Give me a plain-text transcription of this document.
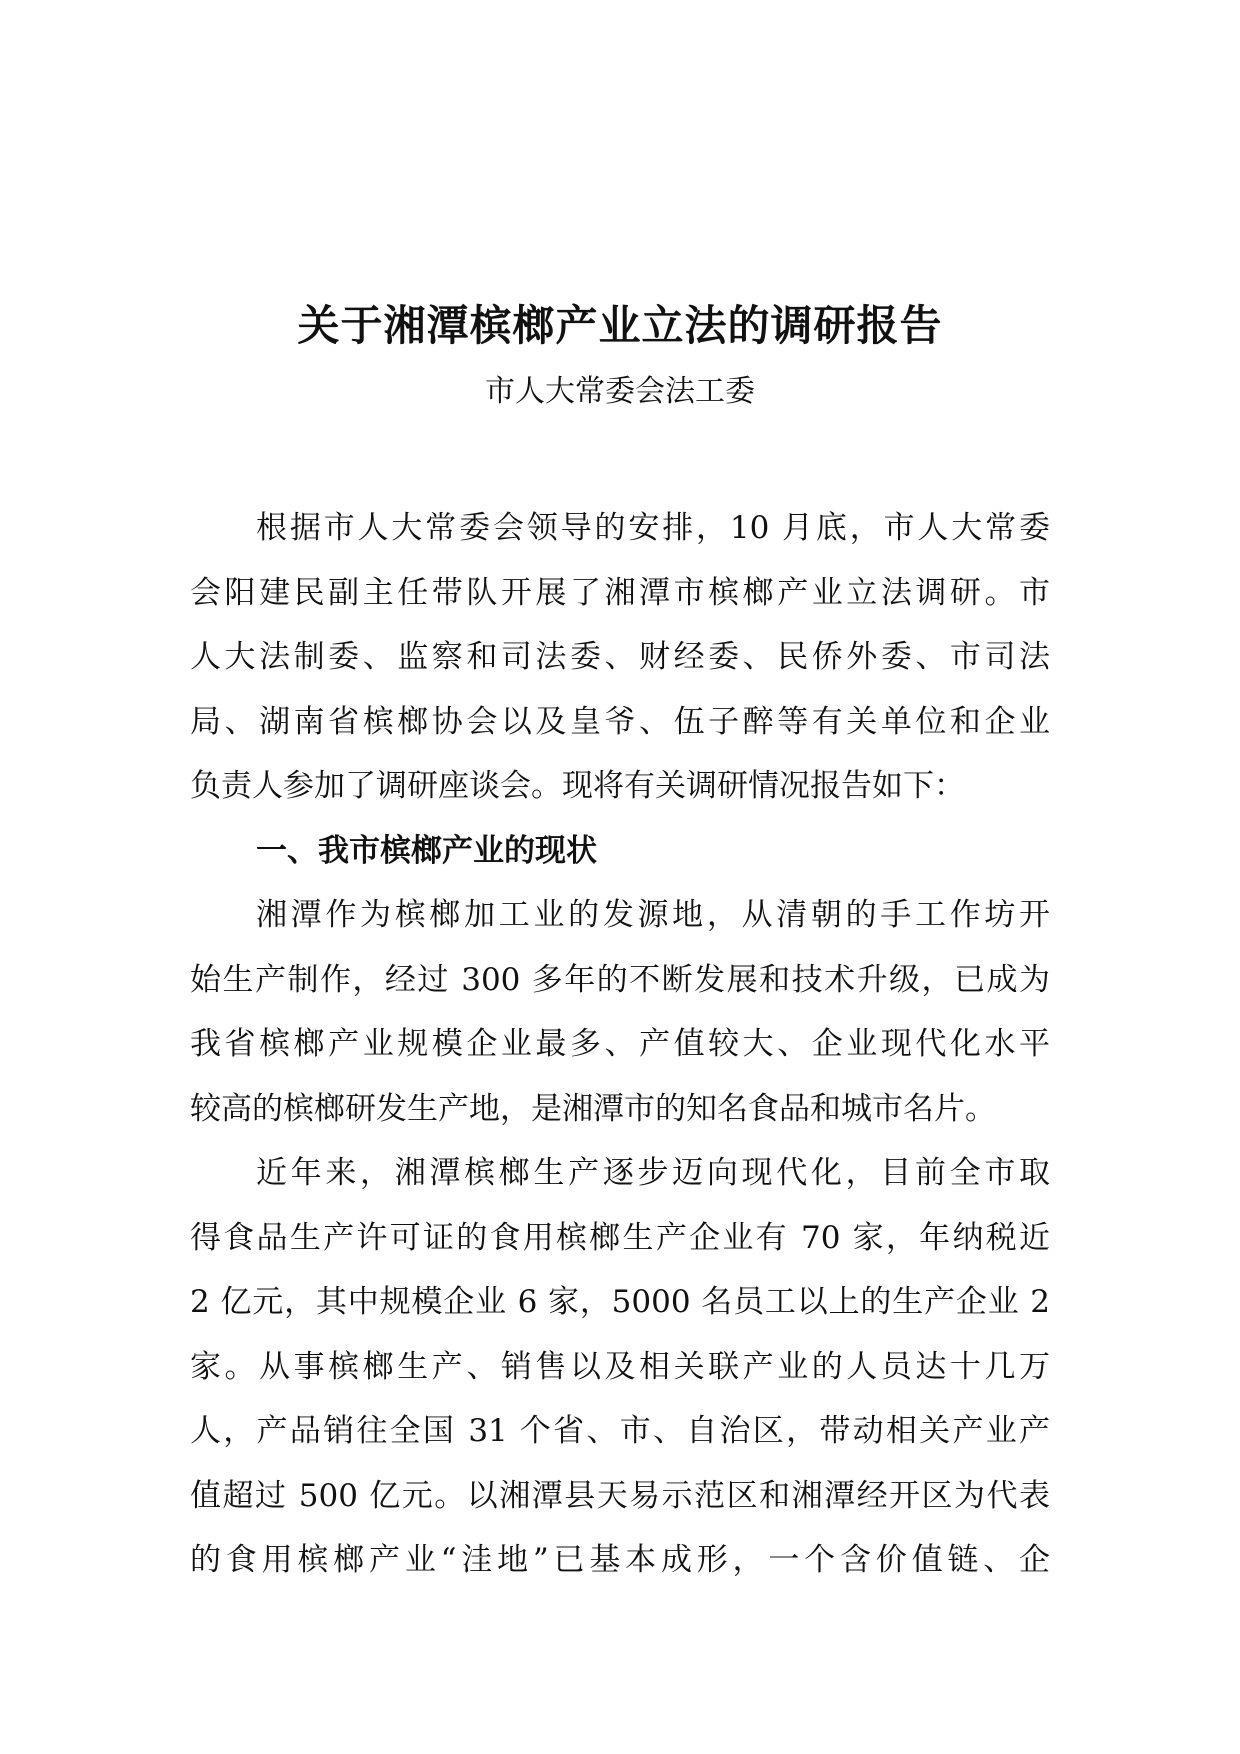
关于湘潭槟榔产业立法的调研报告
市人大常委会法工委

根据市人大常委会领导的安排，10 月底，市人大常委
会阳建民副主任带队开展了湘潭市槟榔产业立法调研。市
人大法制委、监察和司法委、财经委、民侨外委、市司法
局、湖南省槟榔协会以及皇爷、伍子醉等有关单位和企业
负责人参加了调研座谈会。现将有关调研情况报告如下：

一、我市槟榔产业的现状

湘潭作为槟榔加工业的发源地，从清朝的手工作坊开
始生产制作，经过 300 多年的不断发展和技术升级，已成为
我省槟榔产业规模企业最多、产值较大、企业现代化水平
较高的槟榔研发生产地，是湘潭市的知名食品和城市名片。

近年来，湘潭槟榔生产逐步迈向现代化，目前全市取
得食品生产许可证的食用槟榔生产企业有 70 家，年纳税近
2 亿元，其中规模企业 6 家，5000 名员工以上的生产企业 2
家。从事槟榔生产、销售以及相关联产业的人员达十几万
人，产品销往全国 31 个省、市、自治区，带动相关产业产
值超过 500 亿元。以湘潭县天易示范区和湘潭经开区为代表
的食用槟榔产业“洼地”已基本成形，一个含价值链、企
